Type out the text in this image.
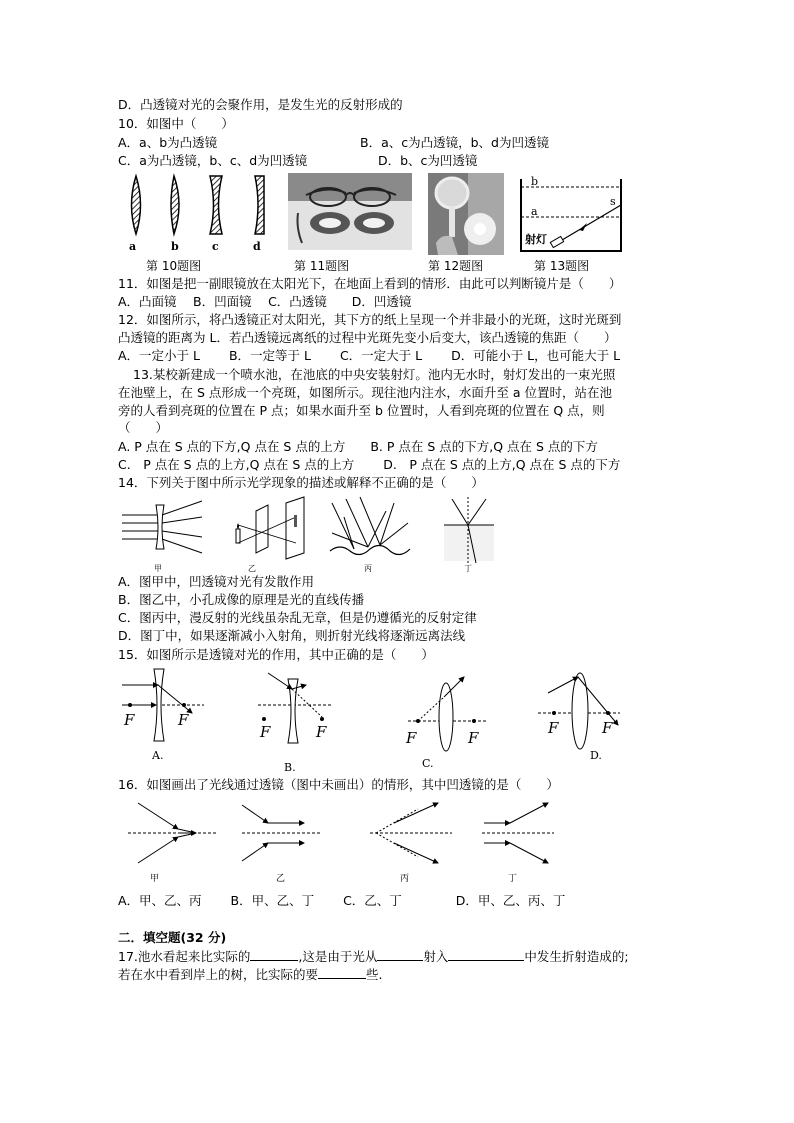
D．凸透镜对光的会聚作用，是发生光的反射形成的
10．如图中（　　）
A．a、b为凸透镜	B．a、c为凸透镜，b、d为凹透镜
C．a为凸透镜，b、c、d为凹透镜	D．b、c为凹透镜
a	b	c	d
第 10题图	第 11题图	第 12题图
b
a
s
射灯
第 13题图
11．如图是把一副眼镜放在太阳光下，在地面上看到的情形．由此可以判断镜片是（　　）
A．凸面镜　 B．凹面镜　 C．凸透镜　　D．凹透镜
12．如图所示，将凸透镜正对太阳光，其下方的纸上呈现一个并非最小的光斑，这时光斑到
凸透镜的距离为 L．若凸透镜远离纸的过程中光斑先变小后变大，该凸透镜的焦距（　　）
A．一定小于 L　　 B．一定等于 L　　 C．一定大于 L　　 D．可能小于 L，也可能大于 L
13.某校新建成一个喷水池，在池底的中央安装射灯。池内无水时，射灯发出的一束光照
在池壁上，在 S 点形成一个亮斑，如图所示。现往池内注水，水面升至 a 位置时，站在池
旁的人看到亮斑的位置在 P 点；如果水面升至 b 位置时，人看到亮斑的位置在 Q 点，则
（　　）
A. P 点在 S 点的下方,Q 点在 S 点的上方　　B. P 点在 S 点的下方,Q 点在 S 点的下方
C.　P 点在 S 点的上方,Q 点在 S 点的上方　　 D.　P 点在 S 点的上方,Q 点在 S 点的下方
14．下列关于图中所示光学现象的描述或解释不正确的是（　　）
甲	乙	丙	丁
A．图甲中，凹透镜对光有发散作用
B．图乙中，小孔成像的原理是光的直线传播
C．图丙中，漫反射的光线虽杂乱无章，但是仍遵循光的反射定律
D．图丁中，如果逐渐减小入射角，则折射光线将逐渐远离法线
15．如图所示是透镜对光的作用，其中正确的是（　　）
F	F
A.
F	F
B.
F	F
C.
F	F
D.
16．如图画出了光线通过透镜（图中未画出）的情形，其中凹透镜的是（　　）
甲	乙	丙	丁
A．甲、乙、丙　　 B．甲、乙、丁　　 C．乙、丁　　　　 D．甲、乙、丙、丁
二．填空题(32 分)
17.池水看起来比实际的	,这是由于光从	射入	中发生折射造成的;
若在水中看到岸上的树，比实际的要	些.
